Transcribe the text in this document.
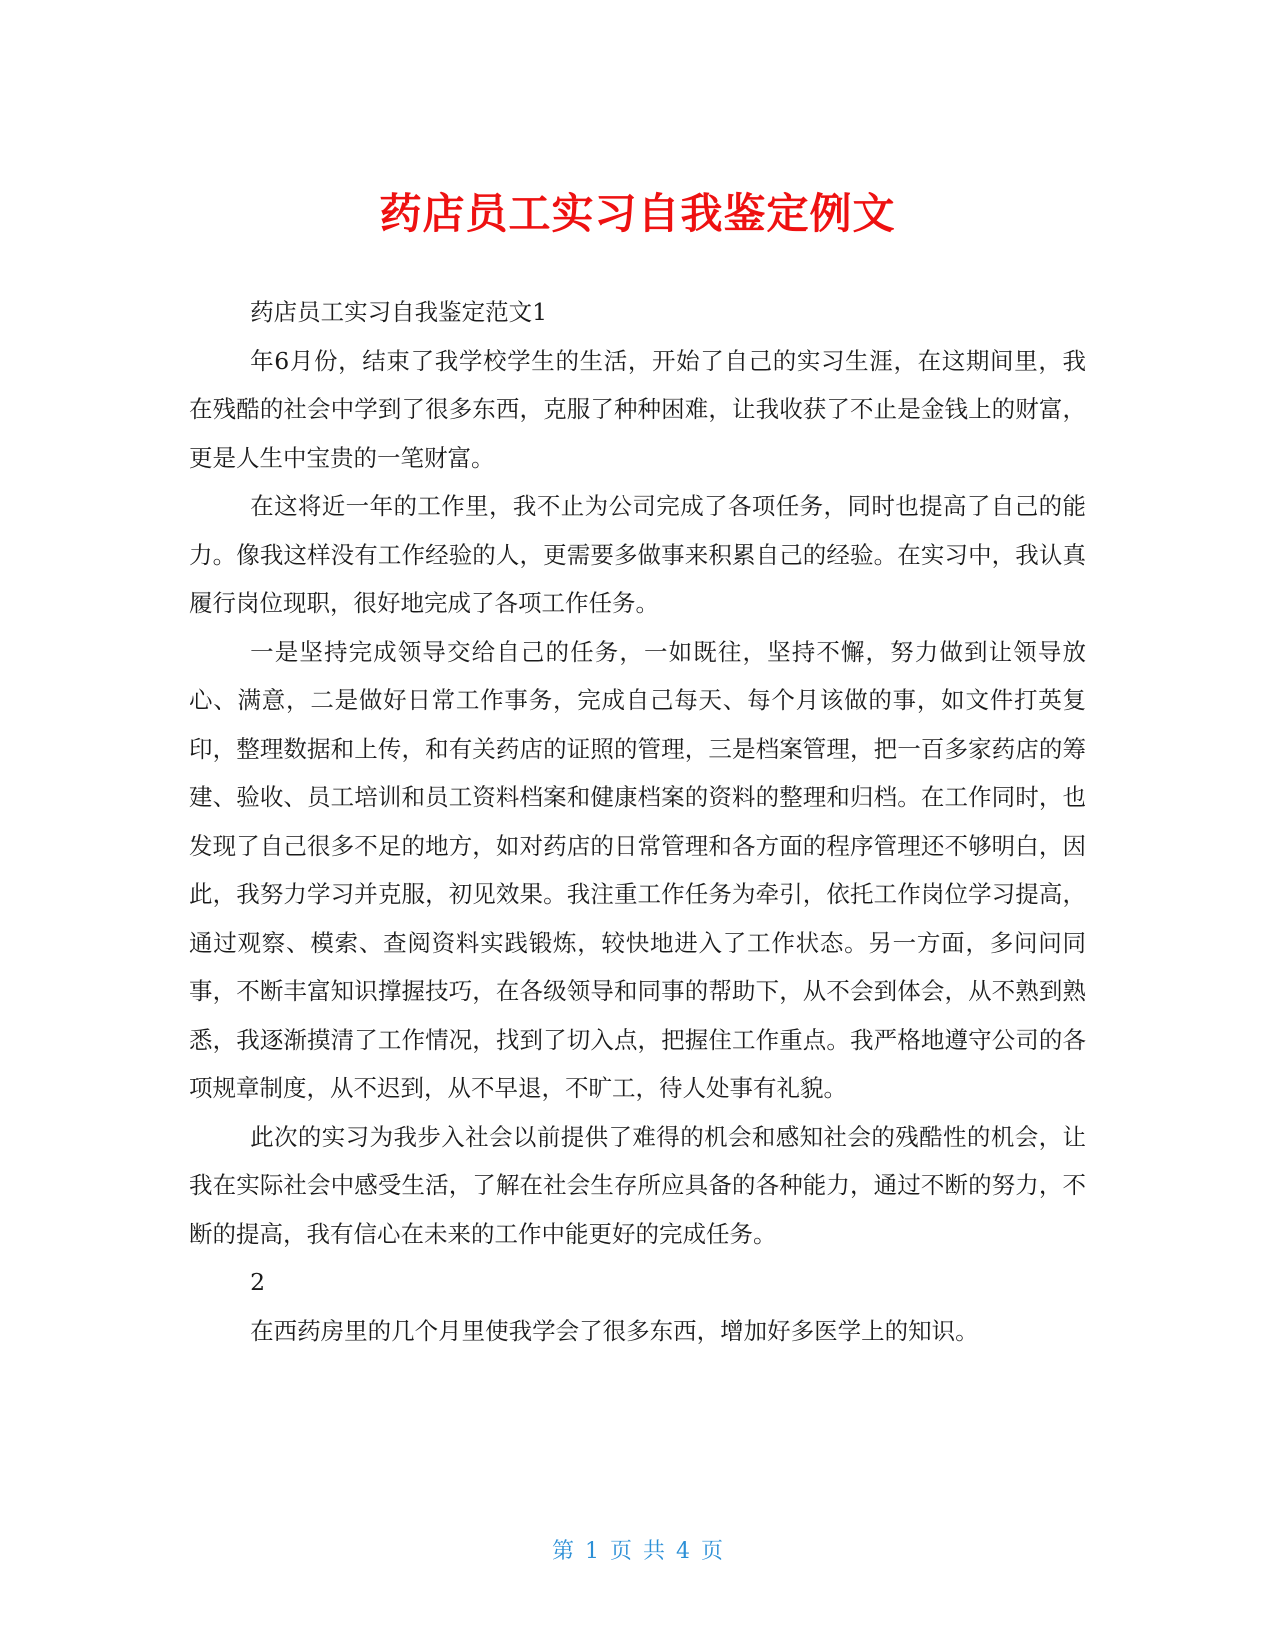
药店员工实习自我鉴定例文

药店员工实习自我鉴定范文1

年6月份，结束了我学校学生的生活，开始了自己的实习生涯，在这期间里，我在残酷的社会中学到了很多东西，克服了种种困难，让我收获了不止是金钱上的财富，更是人生中宝贵的一笔财富。

在这将近一年的工作里，我不止为公司完成了各项任务，同时也提高了自己的能力。像我这样没有工作经验的人，更需要多做事来积累自己的经验。在实习中，我认真履行岗位现职，很好地完成了各项工作任务。

一是坚持完成领导交给自己的任务，一如既往，坚持不懈，努力做到让领导放心、满意，二是做好日常工作事务，完成自己每天、每个月该做的事，如文件打英复印，整理数据和上传，和有关药店的证照的管理，三是档案管理，把一百多家药店的筹建、验收、员工培训和员工资料档案和健康档案的资料的整理和归档。在工作同时，也发现了自己很多不足的地方，如对药店的日常管理和各方面的程序管理还不够明白，因此，我努力学习并克服，初见效果。我注重工作任务为牵引，依托工作岗位学习提高，通过观察、模索、查阅资料实践锻炼，较快地进入了工作状态。另一方面，多问问同事，不断丰富知识撑握技巧，在各级领导和同事的帮助下，从不会到体会，从不熟到熟悉，我逐渐摸清了工作情况，找到了切入点，把握住工作重点。我严格地遵守公司的各项规章制度，从不迟到，从不早退，不旷工，待人处事有礼貌。

此次的实习为我步入社会以前提供了难得的机会和感知社会的残酷性的机会，让我在实际社会中感受生活，了解在社会生存所应具备的各种能力，通过不断的努力，不断的提高，我有信心在未来的工作中能更好的完成任务。

2

在西药房里的几个月里使我学会了很多东西，增加好多医学上的知识。

第 1 页 共 4 页
